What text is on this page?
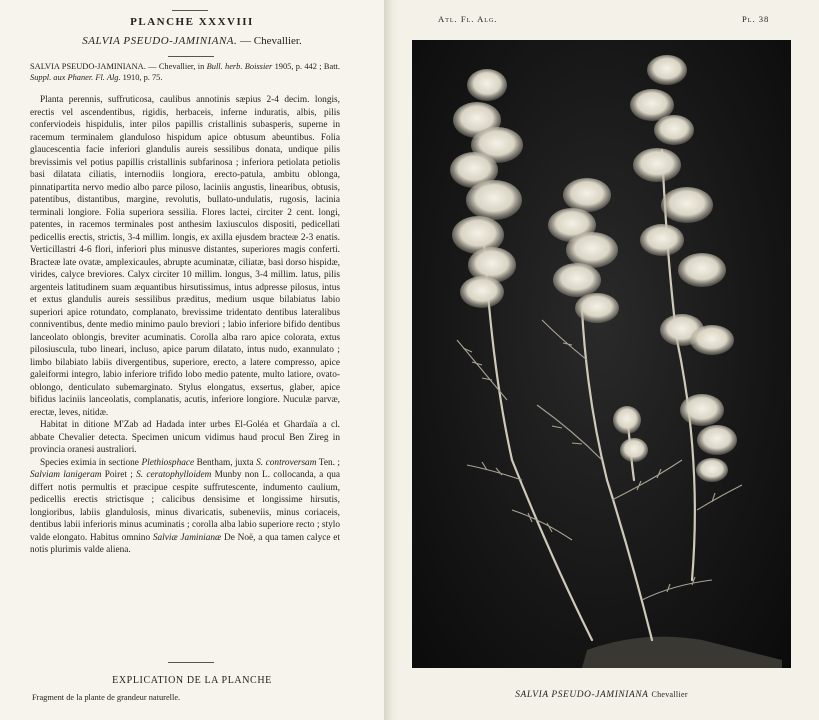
PLANCHE XXXVIII
SALVIA PSEUDO-JAMINIANA. — Chevallier.
SALVIA PSEUDO-JAMINIANA. — Chevallier, in Bull. herb. Boissier 1905, p. 442 ; Batt. Suppl. aux Phaner. Fl. Alg. 1910, p. 75.

Planta perennis, suffruticosa, caulibus annotinis sæpius 2-4 decim. longis, erectis vel ascendentibus, rigidis, herbaceis, inferne induratis, albis, pilis conferviodeis hispidulis, inter pilos papillis cristallinis subasperis, superne in racemum terminalem glanduloso hispidum apice obtusum abeuntibus. Folia glaucescentia facie inferiori glandulis aureis sessilibus donata, undique pilis brevissimis vel potius papillis cristallinis subfarinosa ; inferiora petiolata petiolis basi dilatata ciliatis, internodiis longiora, erecto-patula, ambitu oblonga, pinnatipartita nervo medio albo parce piloso, laciniis angustis, linearibus, obtusis, patentibus, distantibus, margine, revolutis, bullato-undulatis, rugosis, lacinia terminali longiore. Folia superiora sessilia. Flores lactei, circiter 2 cent. longi, patentes, in racemos terminales post anthesim laxiusculos dispositi, pedicellati pedicellis erectis, strictis, 3-4 millim. longis, ex axilla ejusdem bracteæ 2-3 enatis. Verticillastri 4-6 flori, inferiori plus minusve distantes, superiores magis conferti. Bracteæ late ovatæ, amplexicaules, abrupte acuminatæ, ciliatæ, basi dorso hispidæ, virides, calyce breviores. Calyx circiter 10 millim. longus, 3-4 millim. latus, pilis argenteis latitudinem suam æquantibus hirsutissimus, intus adpresse pilosus, intus et extus glandulis aureis sessilibus præditus, medium usque bilabiatus labio superiori apice rotundato, complanato, brevissime tridentato dentibus lateralibus conniventibus, dente medio minimo paulo breviori ; labio inferiore bifido dentibus lanceolato oblongis, breviter acuminatis. Corolla alba raro apice colorata, extus pilosiuscula, tubo lineari, incluso, apice parum dilatato, intus nudo, exannulato ; limbo bilabiato labiis divergentibus, superiore, erecto, a latere compresso, apice galeiformi integro, labio inferiore trifido lobo medio patente, multo latiore, ovato-oblongo, denticulato subemarginato. Stylus elongatus, exsertus, glaber, apice bifidus laciniis lanceolatis, complanatis, acutis, inferiore longiore. Nuculæ parvæ, erectæ, leves, nitidæ.

Habitat in ditione M'Zab ad Hadada inter urbes El-Goléa et Ghardaïa a cl. abbate Chevalier detecta. Specimen unicum vidimus haud procul Ben Zireg in provincia oranesi australiori.

Species eximia in sectione Plethiosphace Bentham, juxta S. controversam Ten. ; Salviam lanigeram Poiret ; S. ceratophylloidem Munby non L. collocanda, a qua differt notis permultis et præcipue cespite suffrutescente, indumento caulium, pedicellis erectis strictisque ; calicibus densisime et longissime hirsutis, longioribus, labiis glandulosis, minus divaricatis, subeneviis, minus coriaceis, dentibus labii inferioris minus acuminatis ; corolla alba labio superiore recto ; stylo valde elongato. Habitus omnino Salviæ Jaminianæ De Noë, a qua tamen calyce et notis plurimis valde aliena.

EXPLICATION DE LA PLANCHE
Fragment de la plante de grandeur naturelle.
Atl. Fl. Alg.	Pl. 38
SALVIA PSEUDO-JAMINIANA Chevallier
